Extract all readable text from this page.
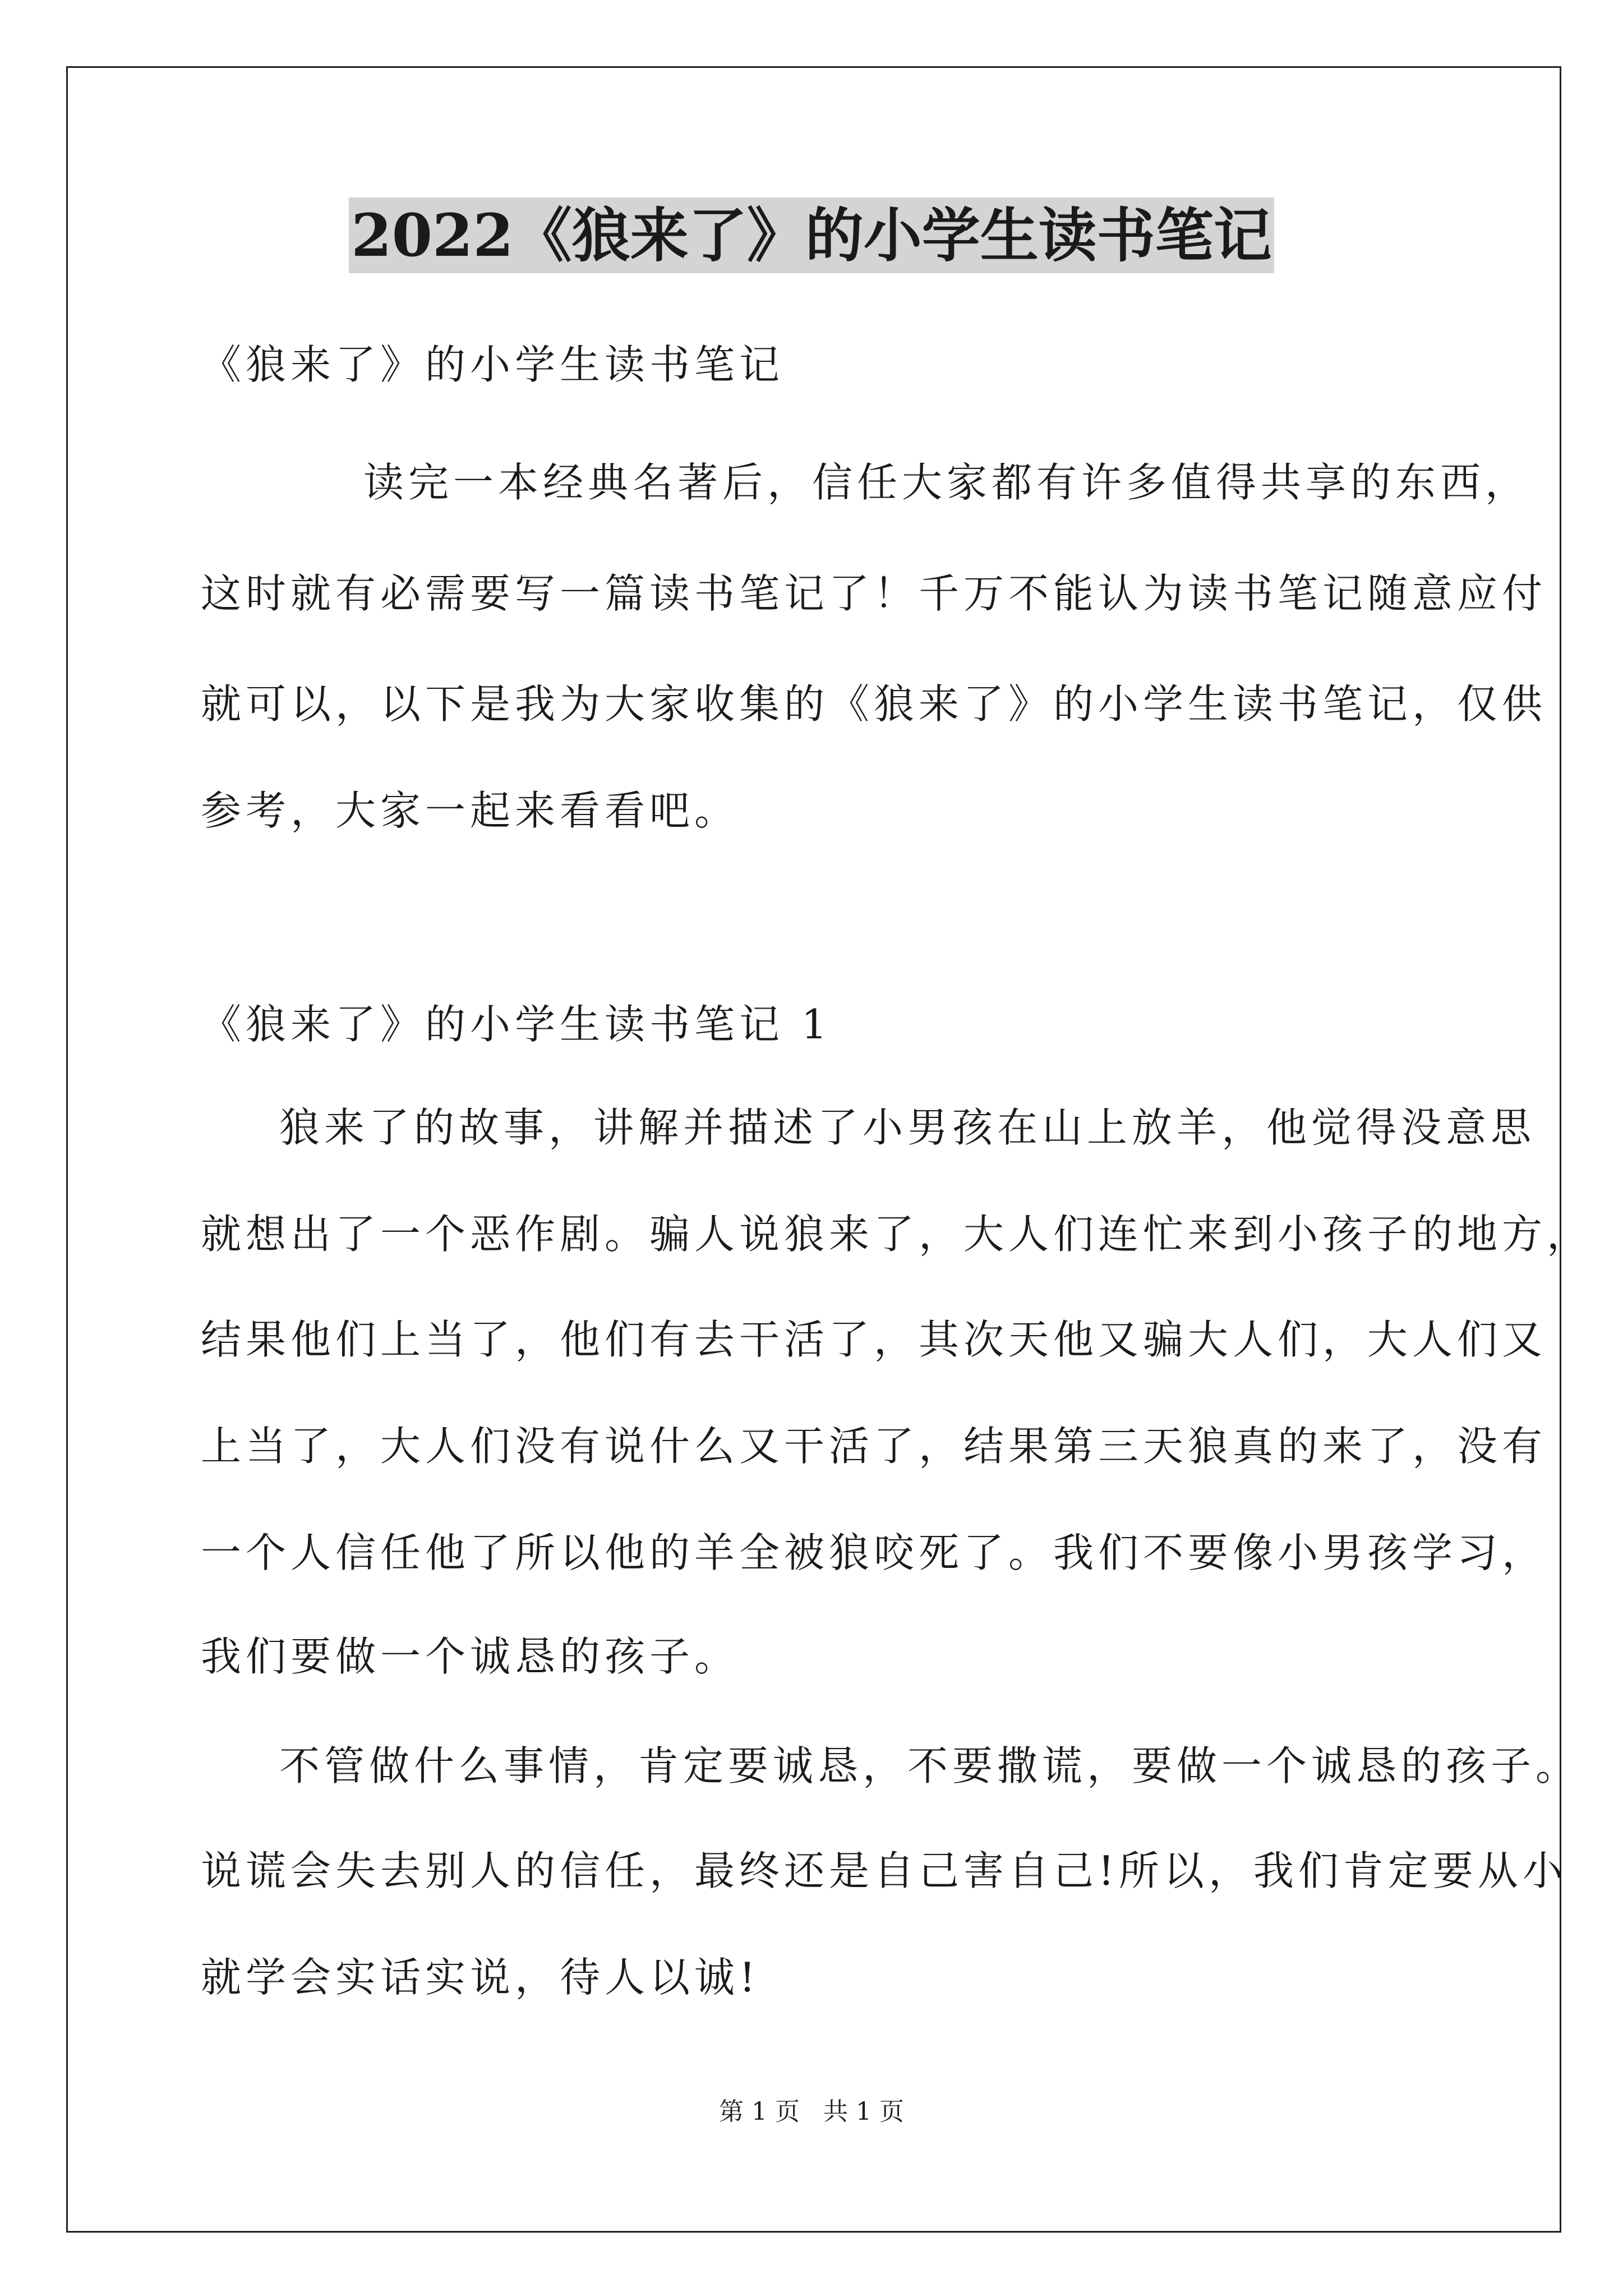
2022《狼来了》的小学生读书笔记
《狼来了》的小学生读书笔记
读完一本经典名著后，信任大家都有许多值得共享的东西，
这时就有必需要写一篇读书笔记了！千万不能认为读书笔记随意应付
就可以，以下是我为大家收集的《狼来了》的小学生读书笔记，仅供
参考，大家一起来看看吧。
《狼来了》的小学生读书笔记 1
狼来了的故事，讲解并描述了小男孩在山上放羊，他觉得没意思
就想出了一个恶作剧。骗人说狼来了，大人们连忙来到小孩子的地方，
结果他们上当了，他们有去干活了，其次天他又骗大人们，大人们又
上当了，大人们没有说什么又干活了，结果第三天狼真的来了，没有
一个人信任他了所以他的羊全被狼咬死了。我们不要像小男孩学习，
我们要做一个诚恳的孩子。
不管做什么事情，肯定要诚恳，不要撒谎，要做一个诚恳的孩子。
说谎会失去别人的信任，最终还是自己害自己!所以，我们肯定要从小
就学会实话实说，待人以诚!
第 1 页   共 1 页
